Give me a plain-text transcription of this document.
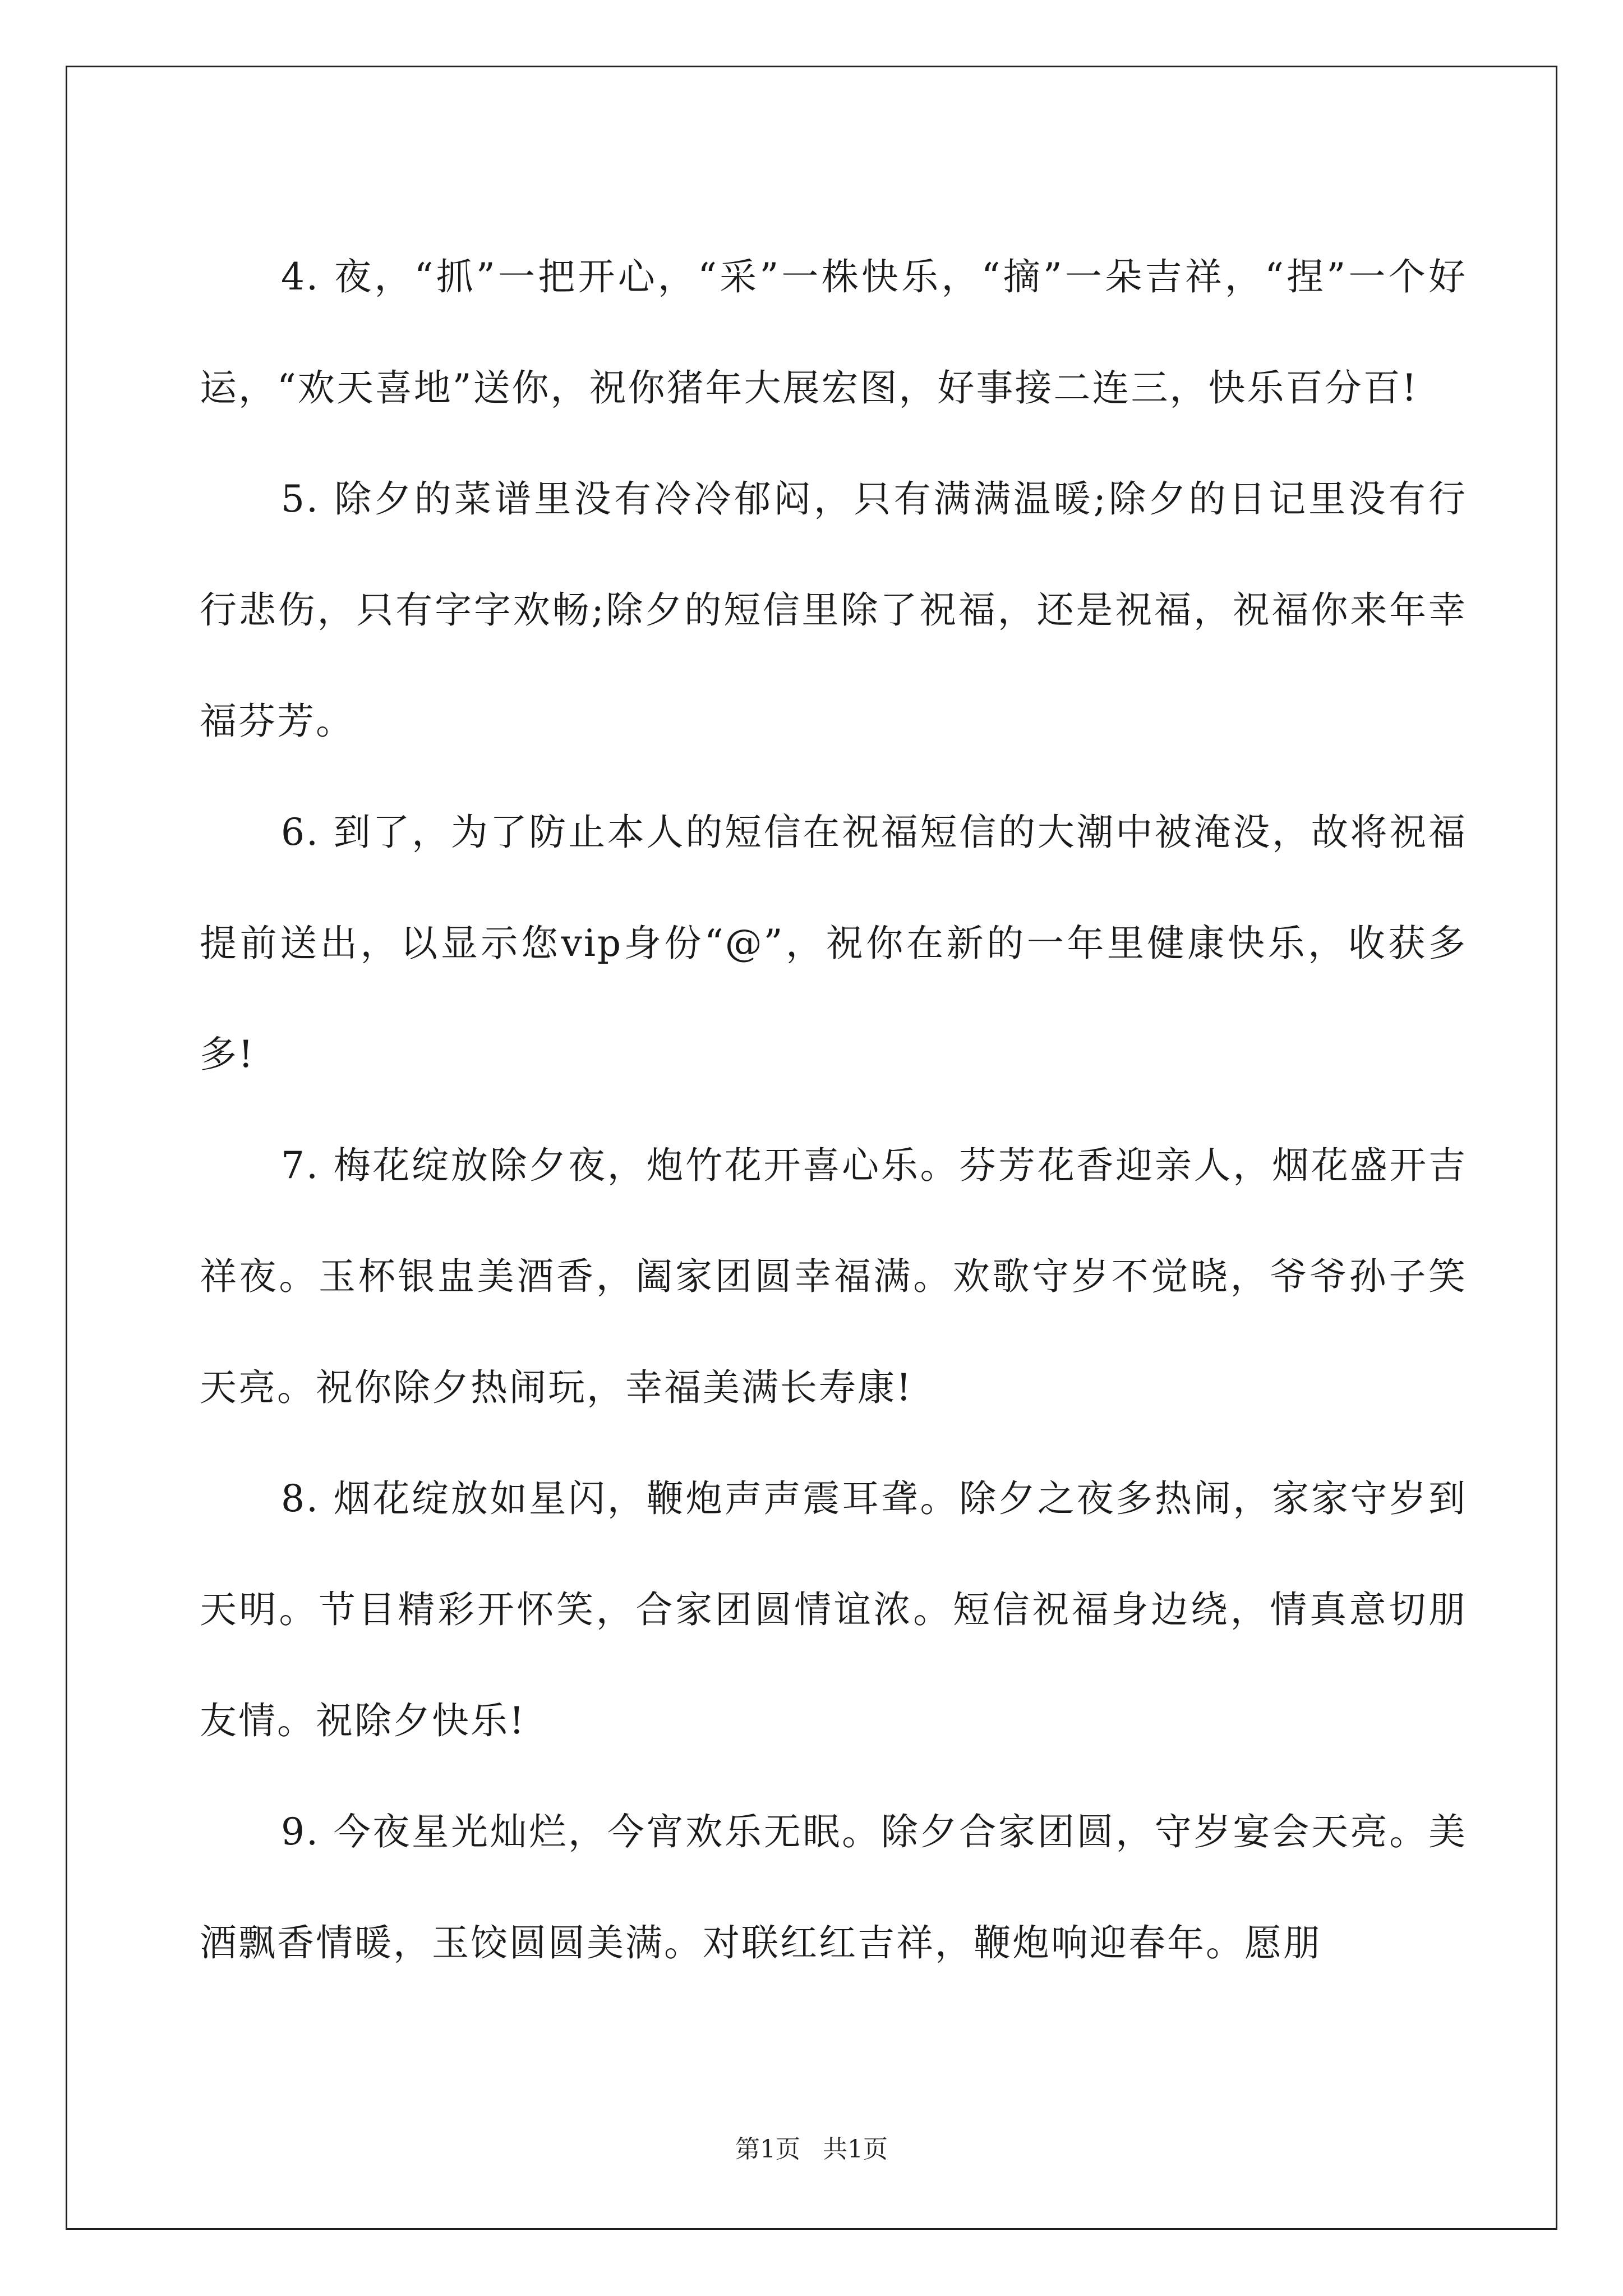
4. 夜，“抓”一把开心，“采”一株快乐，“摘”一朵吉祥，“捏”一个好运，“欢天喜地”送你，祝你猪年大展宏图，好事接二连三，快乐百分百!

5. 除夕的菜谱里没有冷冷郁闷，只有满满温暖;除夕的日记里没有行行悲伤，只有字字欢畅;除夕的短信里除了祝福，还是祝福，祝福你来年幸福芬芳。

6. 到了，为了防止本人的短信在祝福短信的大潮中被淹没，故将祝福提前送出，以显示您vip身份“@”，祝你在新的一年里健康快乐，收获多多!

7. 梅花绽放除夕夜，炮竹花开喜心乐。芬芳花香迎亲人，烟花盛开吉祥夜。玉杯银盅美酒香，阖家团圆幸福满。欢歌守岁不觉晓，爷爷孙子笑天亮。祝你除夕热闹玩，幸福美满长寿康!

8. 烟花绽放如星闪，鞭炮声声震耳聋。除夕之夜多热闹，家家守岁到天明。节目精彩开怀笑，合家团圆情谊浓。短信祝福身边绕，情真意切朋友情。祝除夕快乐!

9. 今夜星光灿烂，今宵欢乐无眠。除夕合家团圆，守岁宴会天亮。美酒飘香情暖，玉饺圆圆美满。对联红红吉祥，鞭炮响迎春年。愿朋

第1页 共1页
